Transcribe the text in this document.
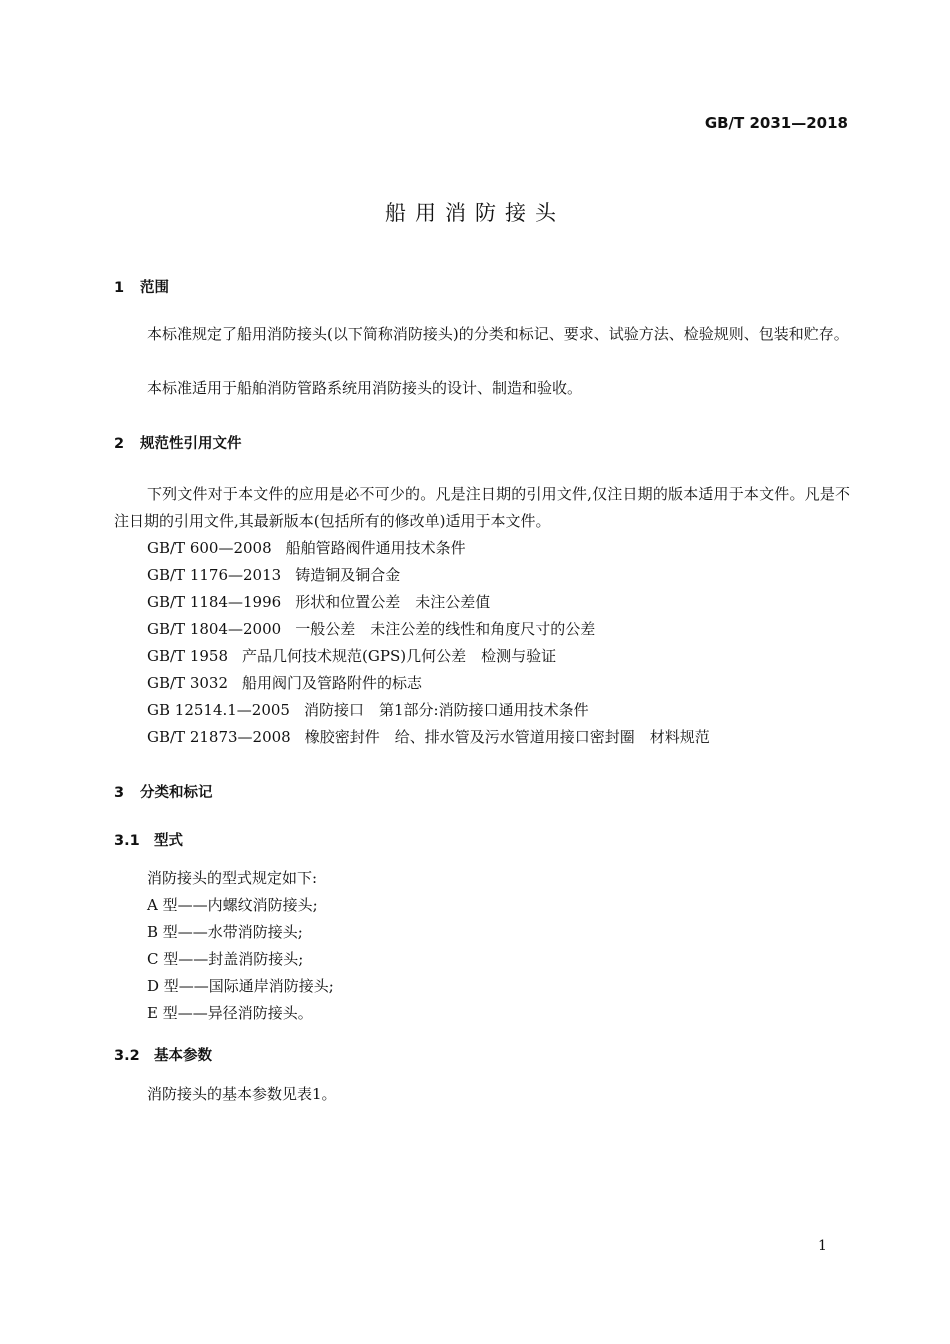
GB/T 2031—2018
船用消防接头
1 范围
本标准规定了船用消防接头(以下简称消防接头)的分类和标记、要求、试验方法、检验规则、包装和贮存。
本标准适用于船舶消防管路系统用消防接头的设计、制造和验收。
2 规范性引用文件
下列文件对于本文件的应用是必不可少的。凡是注日期的引用文件,仅注日期的版本适用于本文件。凡是不注日期的引用文件,其最新版本(包括所有的修改单)适用于本文件。
GB/T 600—2008 船舶管路阀件通用技术条件
GB/T 1176—2013 铸造铜及铜合金
GB/T 1184—1996 形状和位置公差　未注公差值
GB/T 1804—2000 一般公差　未注公差的线性和角度尺寸的公差
GB/T 1958 产品几何技术规范(GPS)几何公差　检测与验证
GB/T 3032 船用阀门及管路附件的标志
GB 12514.1—2005 消防接口　第1部分:消防接口通用技术条件
GB/T 21873—2008 橡胶密封件　给、排水管及污水管道用接口密封圈　材料规范
3 分类和标记
3.1 型式
消防接头的型式规定如下:
A 型——内螺纹消防接头;
B 型——水带消防接头;
C 型——封盖消防接头;
D 型——国际通岸消防接头;
E 型——异径消防接头。
3.2 基本参数
消防接头的基本参数见表1。
1
